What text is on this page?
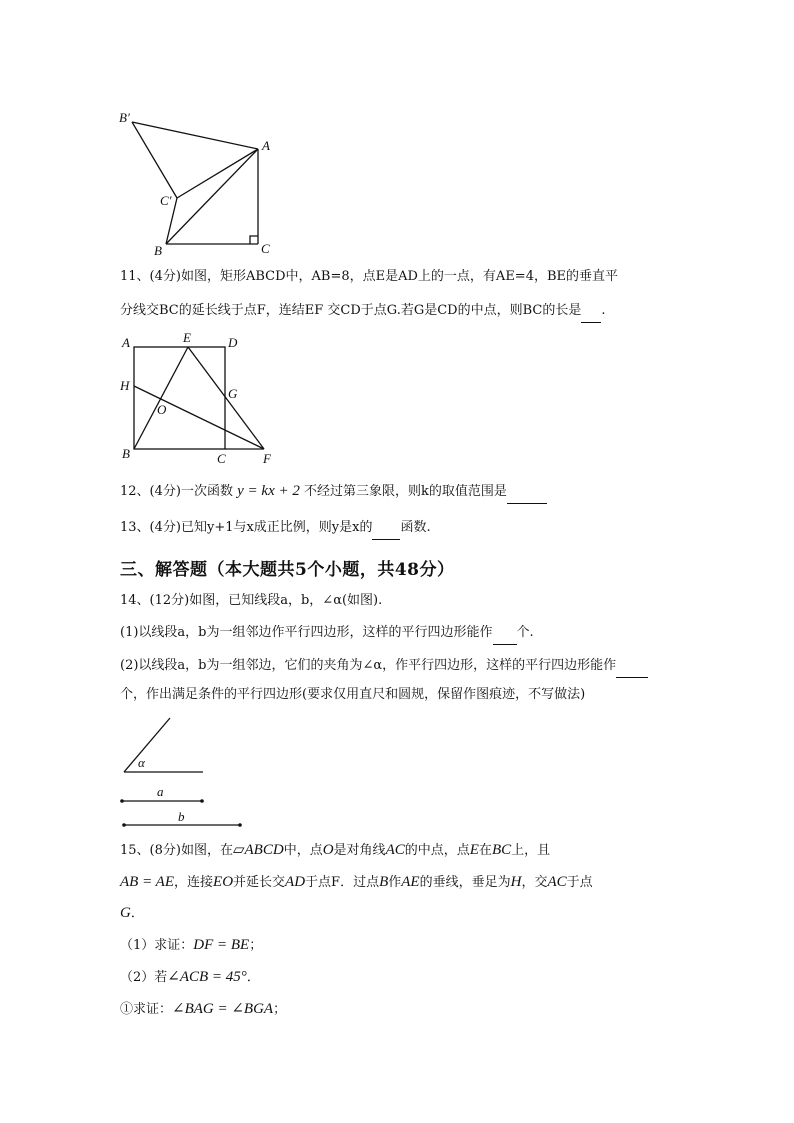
B′
A
C′
B	C
11、(4分)如图，矩形ABCD中，AB=8，点E是AD上的一点，有AE=4，BE的垂直平
分线交BC的延长线于点F，连结EF 交CD于点G.若G是CD的中点，则BC的长是 .
A	E	D
H
G
O
B	C	F
12、(4分)一次函数 y = kx + 2 不经过第三象限，则k的取值范围是
13、(4分)已知y+1与x成正比例，则y是x的 函数.
三、解答题（本大题共5个小题，共48分）
14、(12分)如图，已知线段a，b，∠α(如图).
(1)以线段a，b为一组邻边作平行四边形，这样的平行四边形能作 个.
(2)以线段a，b为一组邻边，它们的夹角为∠α，作平行四边形，这样的平行四边形能作
个，作出满足条件的平行四边形(要求仅用直尺和圆规，保留作图痕迹，不写做法)
α
a
b
15、(8分)如图，在▱ABCD中，点O是对角线AC的中点，点E在BC上，且
AB = AE，连接EO并延长交AD于点F．过点B作AE的垂线，垂足为H，交AC于点
G．
（1）求证：DF = BE；
（2）若∠ACB = 45°．
①求证：∠BAG = ∠BGA；
